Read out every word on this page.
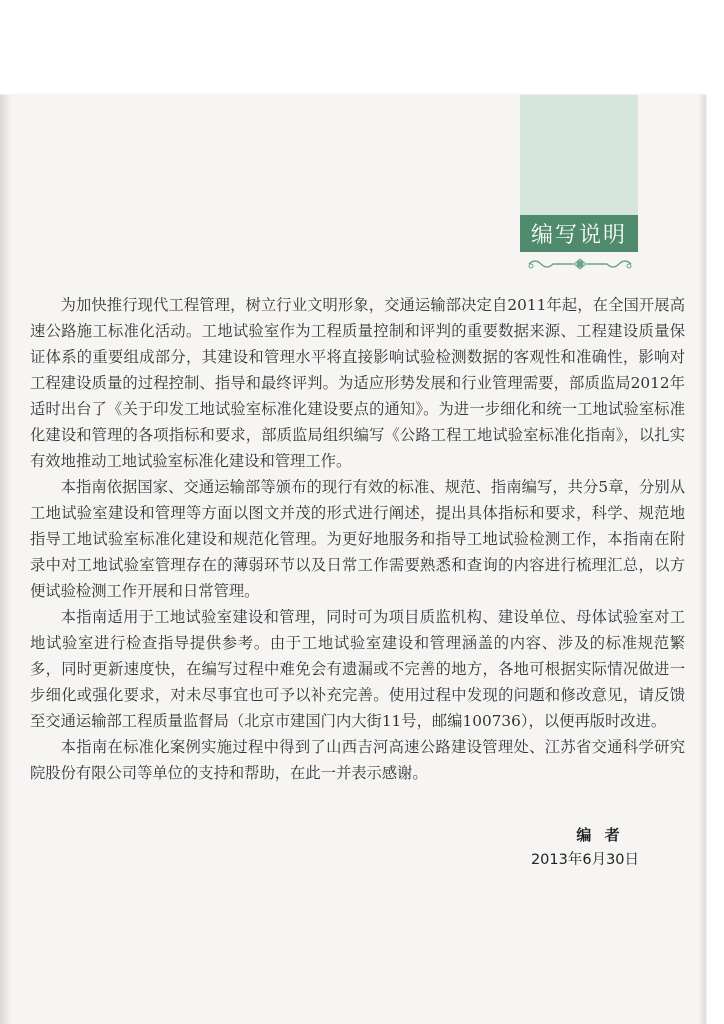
编写说明

为加快推行现代工程管理，树立行业文明形象，交通运输部决定自2011年起，在全国开展高速公路施工标准化活动。工地试验室作为工程质量控制和评判的重要数据来源、工程建设质量保证体系的重要组成部分，其建设和管理水平将直接影响试验检测数据的客观性和准确性，影响对工程建设质量的过程控制、指导和最终评判。为适应形势发展和行业管理需要，部质监局2012年适时出台了《关于印发工地试验室标准化建设要点的通知》。为进一步细化和统一工地试验室标准化建设和管理的各项指标和要求，部质监局组织编写《公路工程工地试验室标准化指南》，以扎实有效地推动工地试验室标准化建设和管理工作。

本指南依据国家、交通运输部等颁布的现行有效的标准、规范、指南编写，共分5章，分别从工地试验室建设和管理等方面以图文并茂的形式进行阐述，提出具体指标和要求，科学、规范地指导工地试验室标准化建设和规范化管理。为更好地服务和指导工地试验检测工作，本指南在附录中对工地试验室管理存在的薄弱环节以及日常工作需要熟悉和查询的内容进行梳理汇总，以方便试验检测工作开展和日常管理。

本指南适用于工地试验室建设和管理，同时可为项目质监机构、建设单位、母体试验室对工地试验室进行检查指导提供参考。由于工地试验室建设和管理涵盖的内容、涉及的标准规范繁多，同时更新速度快，在编写过程中难免会有遗漏或不完善的地方，各地可根据实际情况做进一步细化或强化要求，对未尽事宜也可予以补充完善。使用过程中发现的问题和修改意见，请反馈至交通运输部工程质量监督局（北京市建国门内大街11号，邮编100736），以便再版时改进。

本指南在标准化案例实施过程中得到了山西吉河高速公路建设管理处、江苏省交通科学研究院股份有限公司等单位的支持和帮助，在此一并表示感谢。

编 者
2013年6月30日
